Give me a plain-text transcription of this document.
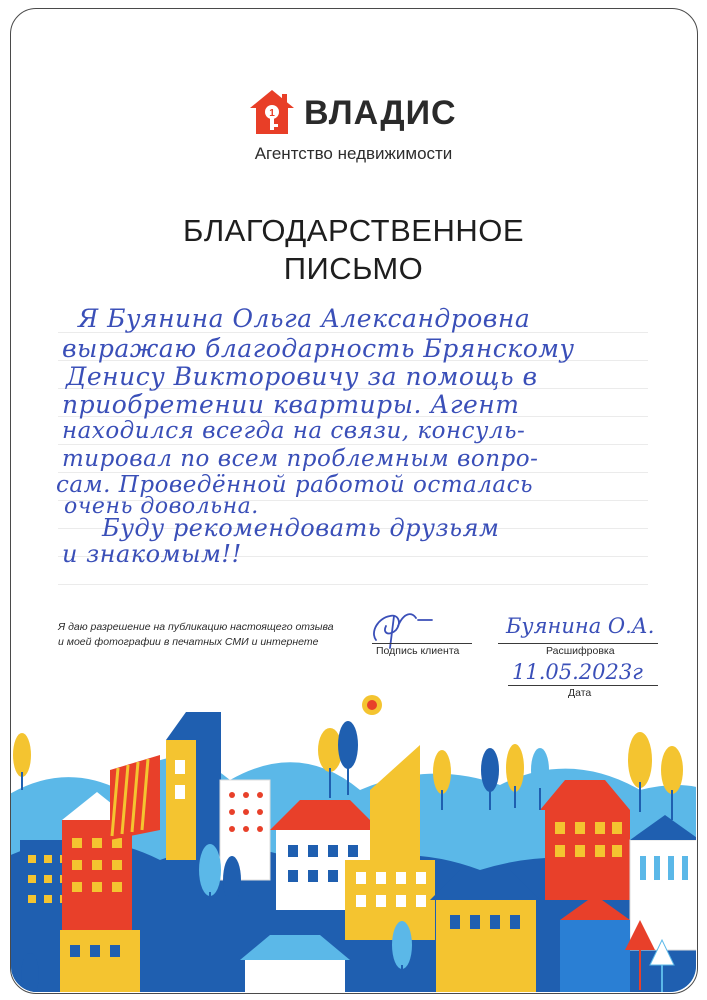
1 ВЛАДИС
Агентство недвижимости
БЛАГОДАРСТВЕННОЕ
ПИСЬМО
Я Буянина Ольга Александровна
выражаю благодарность Брянскому
Денису Викторовичу за помощь в
приобретении квартиры. Агент
находился всегда на связи, консуль-
тировал по всем проблемным вопро-
сам. Проведённой работой осталась
очень довольна.
Буду рекомендовать друзьям
и знакомым!!
Я даю разрешение на публикацию настоящего отзыва
и моей фотографии в печатных СМИ и интернете
Подпись клиента
Буянина О.А.
Расшифровка
11.05.2023г
Дата
